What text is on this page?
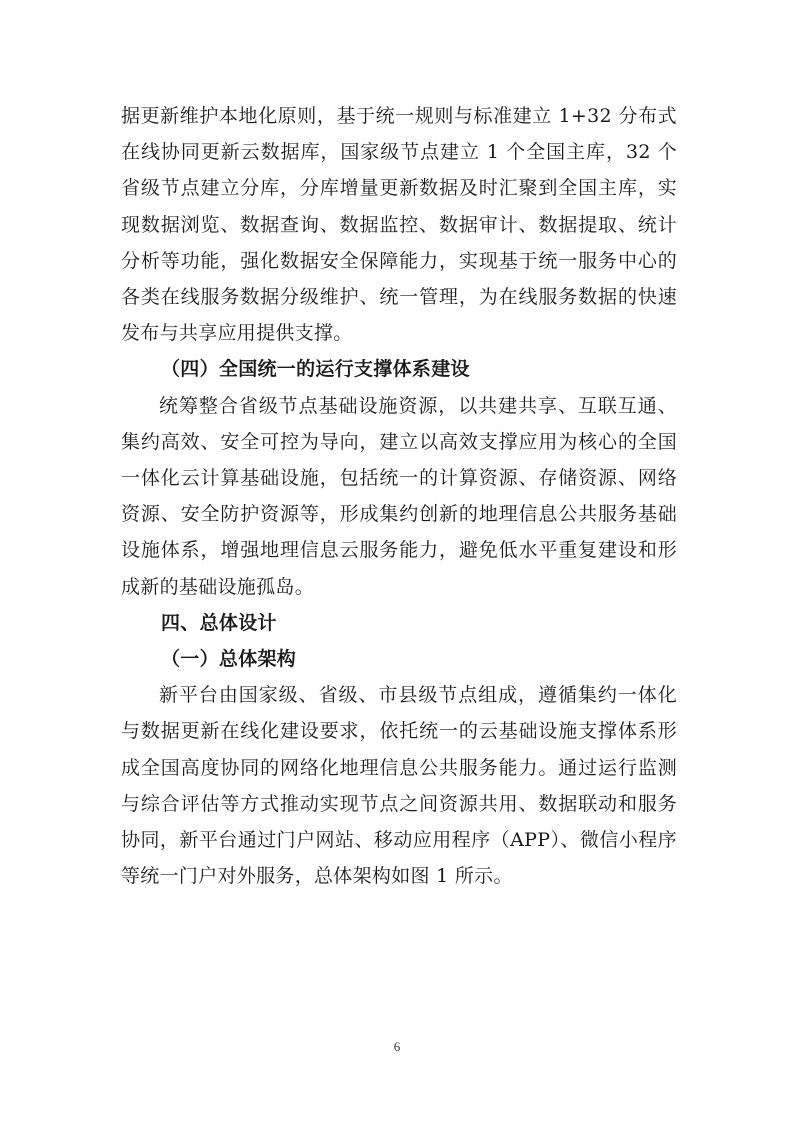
据更新维护本地化原则，基于统一规则与标准建立 1+32 分布式在线协同更新云数据库，国家级节点建立 1 个全国主库，32 个省级节点建立分库，分库增量更新数据及时汇聚到全国主库，实现数据浏览、数据查询、数据监控、数据审计、数据提取、统计分析等功能，强化数据安全保障能力，实现基于统一服务中心的各类在线服务数据分级维护、统一管理，为在线服务数据的快速发布与共享应用提供支撑。

（四）全国统一的运行支撑体系建设

统筹整合省级节点基础设施资源，以共建共享、互联互通、集约高效、安全可控为导向，建立以高效支撑应用为核心的全国一体化云计算基础设施，包括统一的计算资源、存储资源、网络资源、安全防护资源等，形成集约创新的地理信息公共服务基础设施体系，增强地理信息云服务能力，避免低水平重复建设和形成新的基础设施孤岛。

四、总体设计

（一）总体架构

新平台由国家级、省级、市县级节点组成，遵循集约一体化与数据更新在线化建设要求，依托统一的云基础设施支撑体系形成全国高度协同的网络化地理信息公共服务能力。通过运行监测与综合评估等方式推动实现节点之间资源共用、数据联动和服务协同，新平台通过门户网站、移动应用程序（APP）、微信小程序等统一门户对外服务，总体架构如图 1 所示。

6
